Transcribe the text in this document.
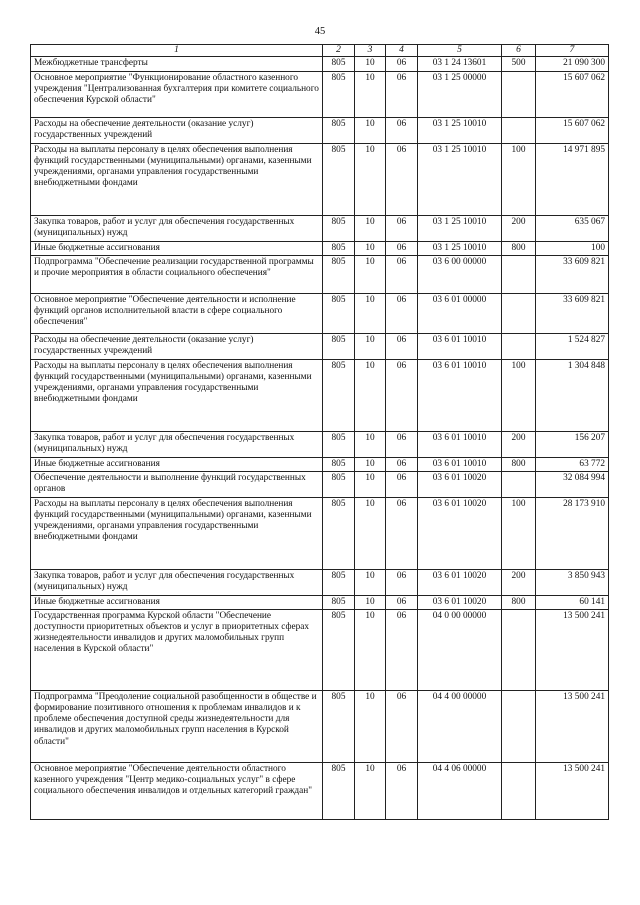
45
1	2	3	4	5	6	7
Межбюджетные трансферты	805	10	06	03 1 24 13601	500	21 090 300
Основное мероприятие "Функционирование областного казенного учреждения "Централизованная бухгалтерия при комитете социального обеспечения Курской области"	805	10	06	03 1 25 00000		15 607 062
Расходы на обеспечение деятельности (оказание услуг) государственных учреждений	805	10	06	03 1 25 10010		15 607 062
Расходы на выплаты персоналу в целях обеспечения выполнения функций государственными (муниципальными) органами, казенными учреждениями, органами управления государственными внебюджетными фондами	805	10	06	03 1 25 10010	100	14 971 895
Закупка товаров, работ и услуг для обеспечения государственных (муниципальных) нужд	805	10	06	03 1 25 10010	200	635 067
Иные бюджетные ассигнования	805	10	06	03 1 25 10010	800	100
Подпрограмма "Обеспечение реализации государственной программы и прочие мероприятия в области социального обеспечения"	805	10	06	03 6 00 00000		33 609 821
Основное мероприятие "Обеспечение деятельности и исполнение функций органов исполнительной власти в сфере социального обеспечения"	805	10	06	03 6 01 00000		33 609 821
Расходы на обеспечение деятельности (оказание услуг) государственных учреждений	805	10	06	03 6 01 10010		1 524 827
Расходы на выплаты персоналу в целях обеспечения выполнения функций государственными (муниципальными) органами, казенными учреждениями, органами управления государственными внебюджетными фондами	805	10	06	03 6 01 10010	100	1 304 848
Закупка товаров, работ и услуг для обеспечения государственных (муниципальных) нужд	805	10	06	03 6 01 10010	200	156 207
Иные бюджетные ассигнования	805	10	06	03 6 01 10010	800	63 772
Обеспечение деятельности и выполнение функций государственных органов	805	10	06	03 6 01 10020		32 084 994
Расходы на выплаты персоналу в целях обеспечения выполнения функций государственными (муниципальными) органами, казенными учреждениями, органами управления государственными внебюджетными фондами	805	10	06	03 6 01 10020	100	28 173 910
Закупка товаров, работ и услуг для обеспечения государственных (муниципальных) нужд	805	10	06	03 6 01 10020	200	3 850 943
Иные бюджетные ассигнования	805	10	06	03 6 01 10020	800	60 141
Государственная программа Курской области "Обеспечение доступности приоритетных объектов и услуг в приоритетных сферах жизнедеятельности инвалидов и других маломобильных групп населения в Курской области"	805	10	06	04 0 00 00000		13 500 241
Подпрограмма "Преодоление социальной разобщенности в обществе и формирование позитивного отношения к проблемам инвалидов и к проблеме обеспечения доступной среды жизнедеятельности для инвалидов и других маломобильных групп населения в Курской области"	805	10	06	04 4 00 00000		13 500 241
Основное мероприятие "Обеспечение деятельности областного казенного учреждения "Центр медико-социальных услуг" в сфере социального обеспечения инвалидов и отдельных категорий граждан"	805	10	06	04 4 06 00000		13 500 241
